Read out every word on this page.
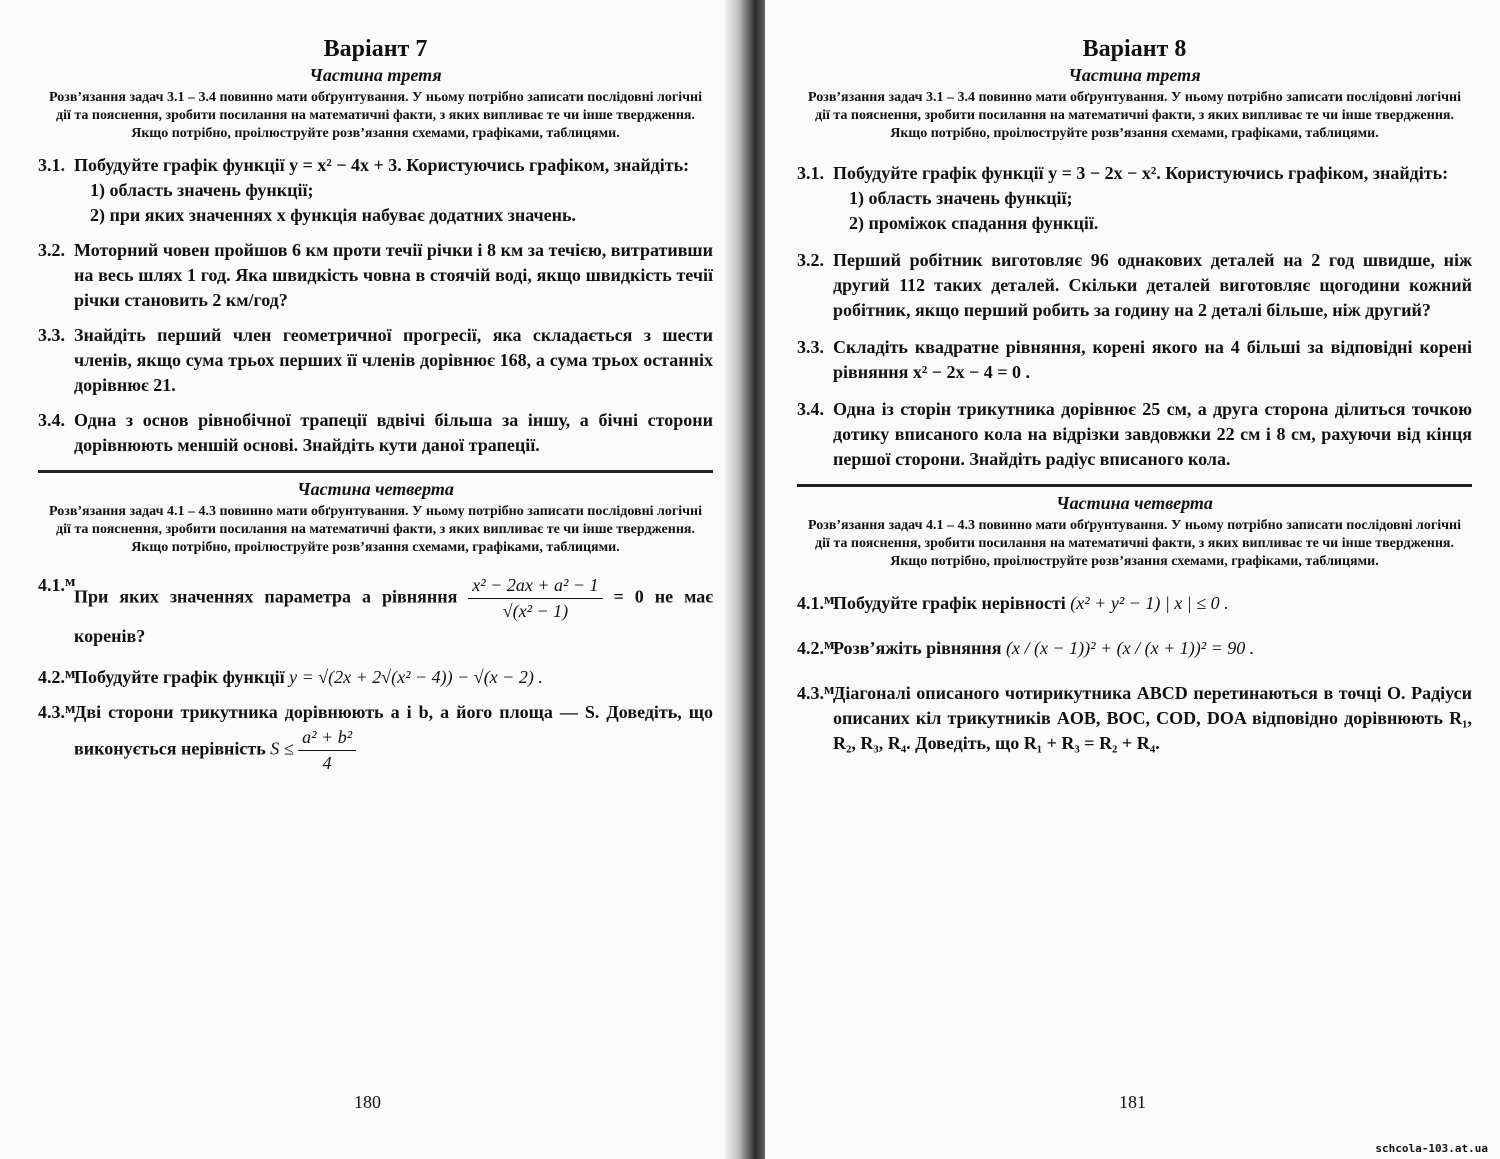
Варіант 7
Частина третя
Розв’язання задач 3.1 – 3.4 повинно мати обґрунтування. У ньому потрібно записати послідовні логічні дії та пояснення, зробити посилання на математичні факти, з яких випливає те чи інше твердження. Якщо потрібно, проілюструйте розв’язання схемами, графіками, таблицями.
3.1. Побудуйте графік функції y = x² − 4x + 3. Користуючись графіком, знайдіть:
1) область значень функції;
2) при яких значеннях x функція набуває додатних значень.
3.2. Моторний човен пройшов 6 км проти течії річки і 8 км за течією, витративши на весь шлях 1 год. Яка швидкість човна в стоячій воді, якщо швидкість течії річки становить 2 км/год?
3.3. Знайдіть перший член геометричної прогресії, яка складається з шести членів, якщо сума трьох перших її членів дорівнює 168, а сума трьох останніх дорівнює 21.
3.4. Одна з основ рівнобічної трапеції вдвічі більша за іншу, а бічні сторони дорівнюють меншій основі. Знайдіть кути даної трапеції.
Частина четверта
Розв’язання задач 4.1 – 4.3 повинно мати обґрунтування. У ньому потрібно записати послідовні логічні дії та пояснення, зробити посилання на математичні факти, з яких випливає те чи інше твердження. Якщо потрібно, проілюструйте розв’язання схемами, графіками, таблицями.
4.1.ᴹ
При яких значеннях параметра a рівняння $\frac{\text{x² − 2ax + a² − 1}}{\text{√(x² − 1)}} = 0$ не має коренів?
4.2.ᴹ
Побудуйте графік функції y = √(2x + 2√(x² − 4)) − √(x − 2) .
4.3.ᴹ
Дві сторони трикутника дорівнюють a і b, а його площа — S. Доведіть, що виконується нерівність $S \le \frac{\text{a² + b²}}{4}$
180
Варіант 8
Частина третя
Розв’язання задач 3.1 – 3.4 повинно мати обґрунтування. У ньому потрібно записати послідовні логічні дії та пояснення, зробити посилання на математичні факти, з яких випливає те чи інше твердження. Якщо потрібно, проілюструйте розв’язання схемами, графіками, таблицями.
3.1. Побудуйте графік функції y = 3 − 2x − x². Користуючись графіком, знайдіть:
1) область значень функції;
2) проміжок спадання функції.
3.2. Перший робітник виготовляє 96 однакових деталей на 2 год швидше, ніж другий 112 таких деталей. Скільки деталей виготовляє щогодини кожний робітник, якщо перший робить за годину на 2 деталі більше, ніж другий?
3.3. Складіть квадратне рівняння, корені якого на 4 більші за відповідні корені рівняння x² − 2x − 4 = 0 .
3.4. Одна із сторін трикутника дорівнює 25 см, а друга сторона ділиться точкою дотику вписаного кола на відрізки завдовжки 22 см і 8 см, рахуючи від кінця першої сторони. Знайдіть радіус вписаного кола.
Частина четверта
Розв’язання задач 4.1 – 4.3 повинно мати обґрунтування. У ньому потрібно записати послідовні логічні дії та пояснення, зробити посилання на математичні факти, з яких випливає те чи інше твердження. Якщо потрібно, проілюструйте розв’язання схемами, графіками, таблицями.
4.1.ᴹ
Побудуйте графік нерівності (x² + y² − 1) | x | ≤ 0 .
4.2.ᴹ
Розв’яжіть рівняння (x / (x − 1))² + (x / (x + 1))² = 90 .
4.3.ᴹ
Діагоналі описаного чотирикутника ABCD перетинаються в точці O. Радіуси описаних кіл трикутників AOB, BOC, COD, DOA відповідно дорівнюють R₁, R₂, R₃, R₄. Доведіть, що R₁ + R₃ = R₂ + R₄.
181
schcola-103.at.ua
